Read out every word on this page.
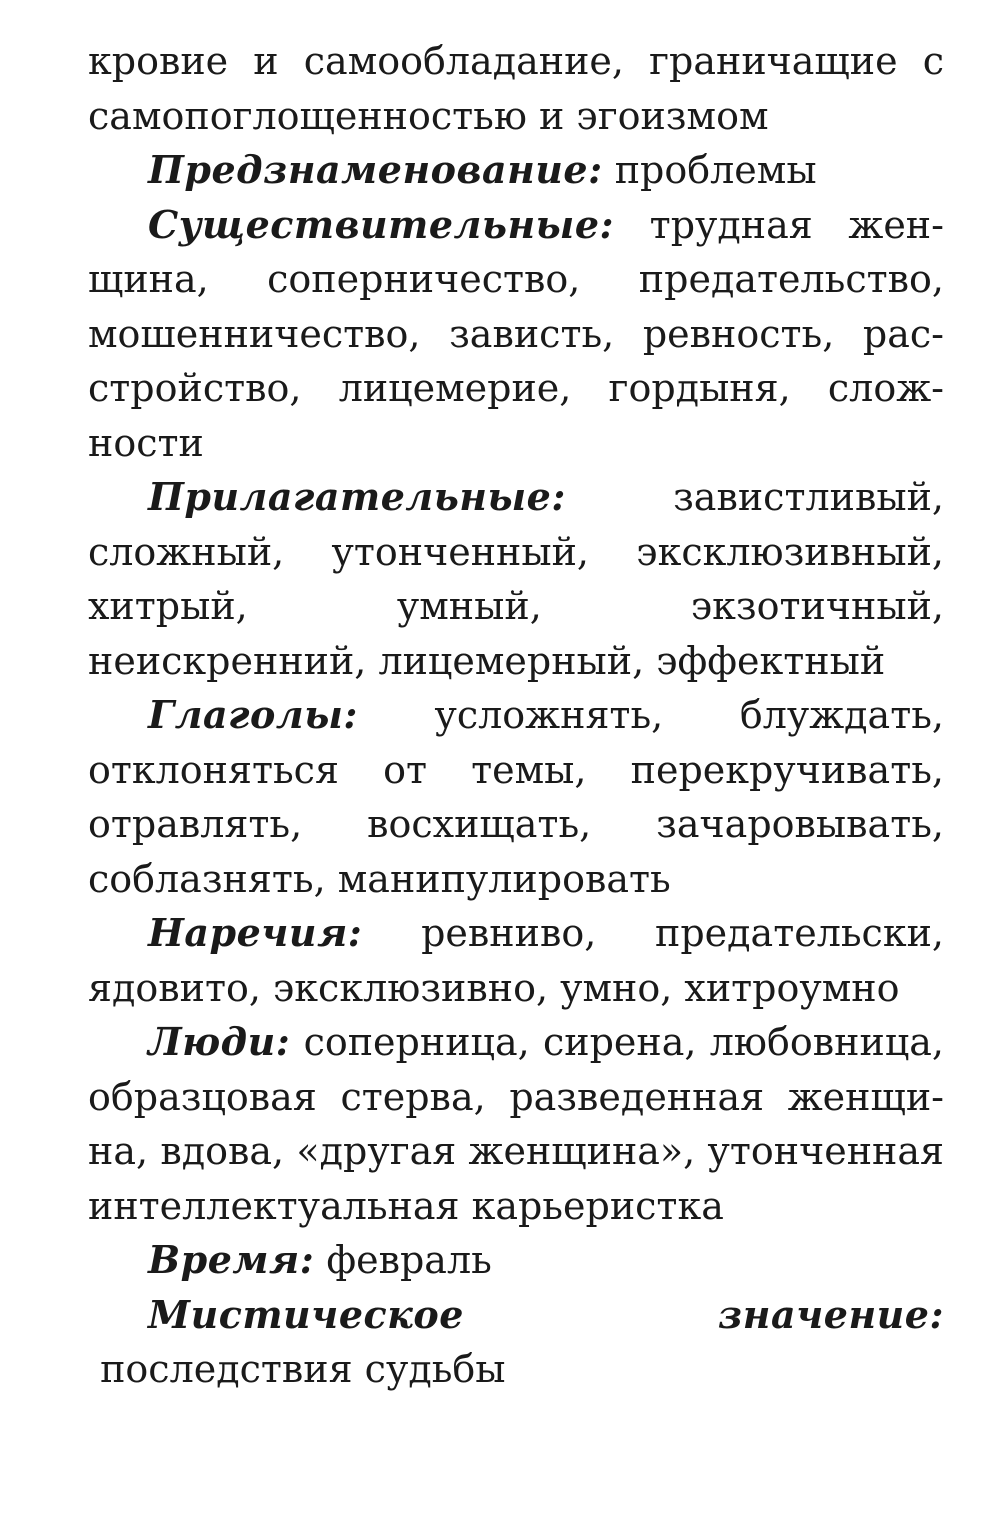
кровие и самообладание, граничащие с самопоглощенностью и эгоизмом

Предзнаменование: проблемы

Существительные: трудная женщина, соперничество, предательство, мошенничество, зависть, ревность, расстройство, лицемерие, гордыня, сложности

Прилагательные:	завистливый, сложный, утонченный, эксклюзивный, хитрый, умный, экзотичный, неискренний, лицемерный, эффектный

Глаголы: усложнять, блуждать, отклоняться от темы, перекручивать, отравлять, восхищать, зачаровывать, соблазнять, манипулировать

Наречия: ревниво, предательски, ядовито, эксклюзивно, умно, хитроумно

Люди: соперница, сирена, любовница, образцовая стерва, разведенная женщина, вдова, «другая женщина», утонченная интеллектуальная карьеристка

Время: февраль

Мистическое значение: последствия судьбы
